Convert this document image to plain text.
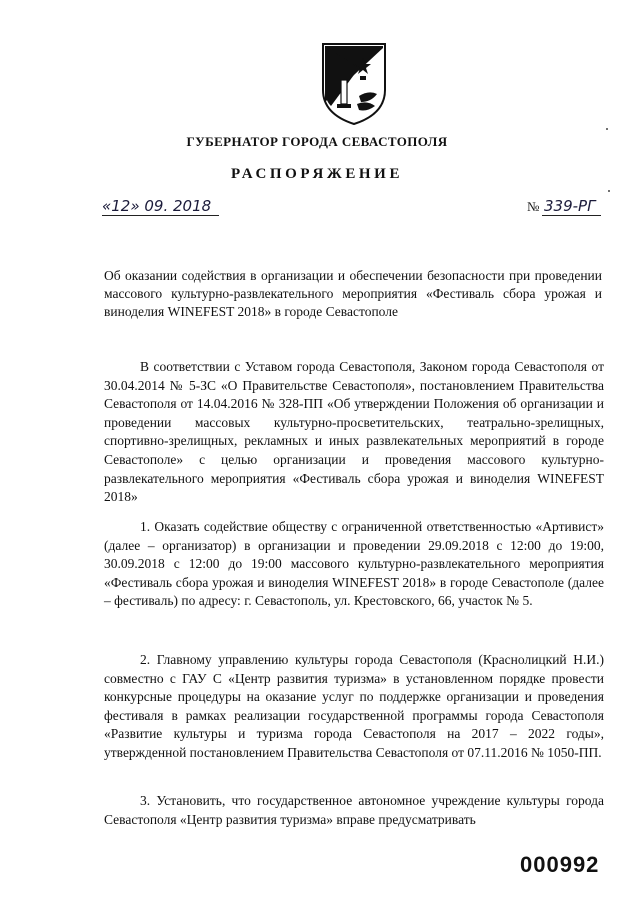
ГУБЕРНАТОР ГОРОДА СЕВАСТОПОЛЯ
РАСПОРЯЖЕНИЕ
«12» 09. 2018	№ 339-РГ
Об оказании содействия в организации и обеспечении безопасности при проведении массового культурно-развлекательного мероприятия «Фестиваль сбора урожая и виноделия WINEFEST 2018» в городе Севастополе
В соответствии с Уставом города Севастополя, Законом города Севастополя от 30.04.2014 № 5-ЗС «О Правительстве Севастополя», постановлением Правительства Севастополя от 14.04.2016 № 328-ПП «Об утверждении Положения об организации и проведении массовых культурно-просветительских, театрально-зрелищных, спортивно-зрелищных, рекламных и иных развлекательных мероприятий в городе Севастополе» с целью организации и проведения массового культурно-развлекательного мероприятия «Фестиваль сбора урожая и виноделия WINEFEST 2018»
1. Оказать содействие обществу с ограниченной ответственностью «Артивист» (далее – организатор) в организации и проведении 29.09.2018 с 12:00 до 19:00, 30.09.2018 с 12:00 до 19:00 массового культурно-развлекательного мероприятия «Фестиваль сбора урожая и виноделия WINEFEST 2018» в городе Севастополе (далее – фестиваль) по адресу: г. Севастополь, ул. Крестовского, 66, участок № 5.
2. Главному управлению культуры города Севастополя (Краснолицкий Н.И.) совместно с ГАУ С «Центр развития туризма» в установленном порядке провести конкурсные процедуры на оказание услуг по поддержке организации и проведения фестиваля в рамках реализации государственной программы города Севастополя «Развитие культуры и туризма города Севастополя на 2017 – 2022 годы», утвержденной постановлением Правительства Севастополя от 07.11.2016 № 1050-ПП.
3. Установить, что государственное автономное учреждение культуры города Севастополя «Центр развития туризма» вправе предусматривать
000992
